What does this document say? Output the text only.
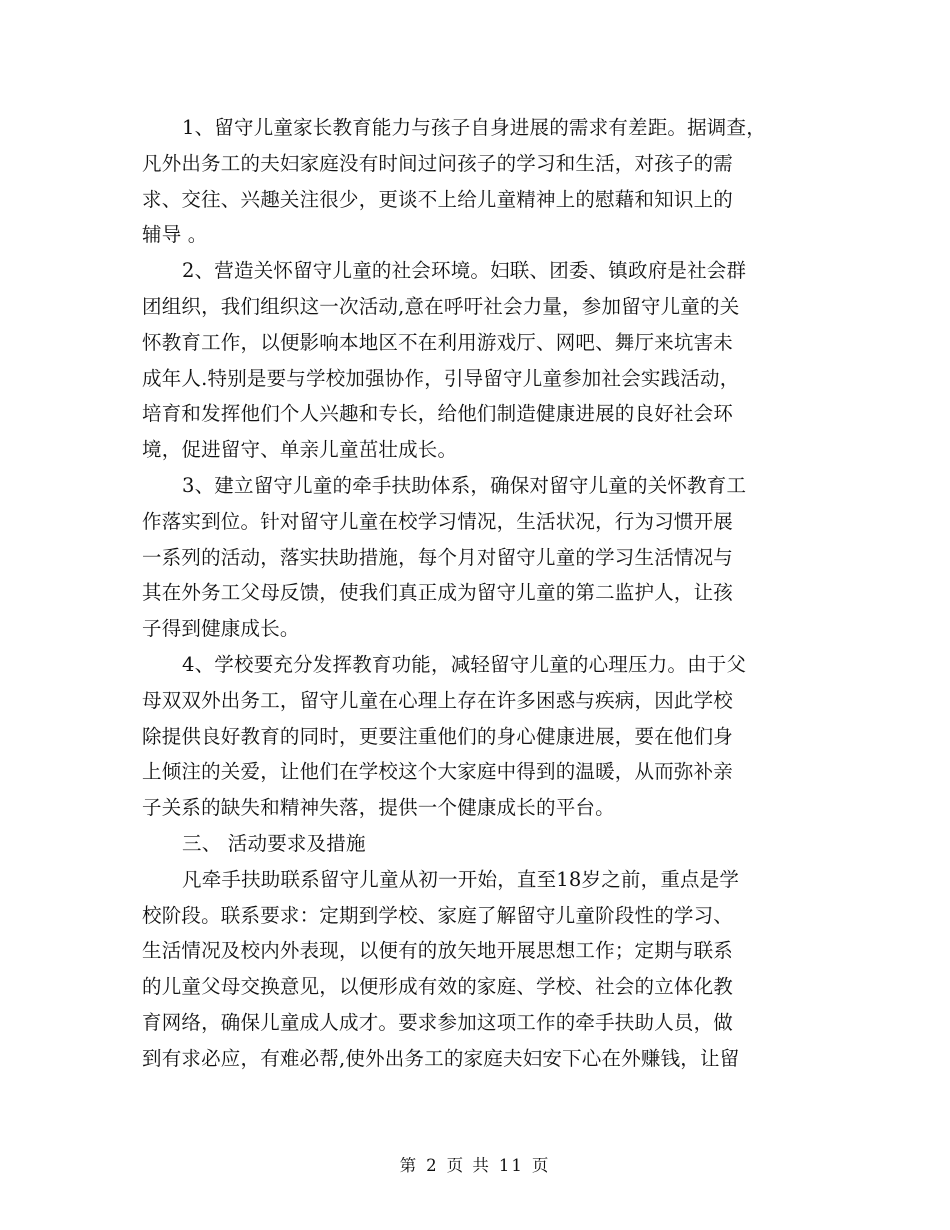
1、留守儿童家长教育能力与孩子自身进展的需求有差距。据调查，
凡外出务工的夫妇家庭没有时间过问孩子的学习和生活，对孩子的需
求、交往、兴趣关注很少，更谈不上给儿童精神上的慰藉和知识上的
辅导 。

2、营造关怀留守儿童的社会环境。妇联、团委、镇政府是社会群
团组织，我们组织这一次活动,意在呼吁社会力量，参加留守儿童的关
怀教育工作，以便影响本地区不在利用游戏厅、网吧、舞厅来坑害未
成年人.特别是要与学校加强协作，引导留守儿童参加社会实践活动，
培育和发挥他们个人兴趣和专长，给他们制造健康进展的良好社会环
境，促进留守、单亲儿童茁壮成长。

3、建立留守儿童的牵手扶助体系，确保对留守儿童的关怀教育工
作落实到位。针对留守儿童在校学习情况，生活状况，行为习惯开展
一系列的活动，落实扶助措施，每个月对留守儿童的学习生活情况与
其在外务工父母反馈，使我们真正成为留守儿童的第二监护人，让孩
子得到健康成长。

4、学校要充分发挥教育功能，减轻留守儿童的心理压力。由于父
母双双外出务工，留守儿童在心理上存在许多困惑与疾病，因此学校
除提供良好教育的同时，更要注重他们的身心健康进展，要在他们身
上倾注的关爱，让他们在学校这个大家庭中得到的温暖，从而弥补亲
子关系的缺失和精神失落，提供一个健康成长的平台。

三、 活动要求及措施

凡牵手扶助联系留守儿童从初一开始，直至18岁之前，重点是学
校阶段。联系要求：定期到学校、家庭了解留守儿童阶段性的学习、
生活情况及校内外表现，以便有的放矢地开展思想工作；定期与联系
的儿童父母交换意见，以便形成有效的家庭、学校、社会的立体化教
育网络，确保儿童成人成才。要求参加这项工作的牵手扶助人员，做
到有求必应，有难必帮,使外出务工的家庭夫妇安下心在外赚钱，让留

第 2 页 共 11 页
